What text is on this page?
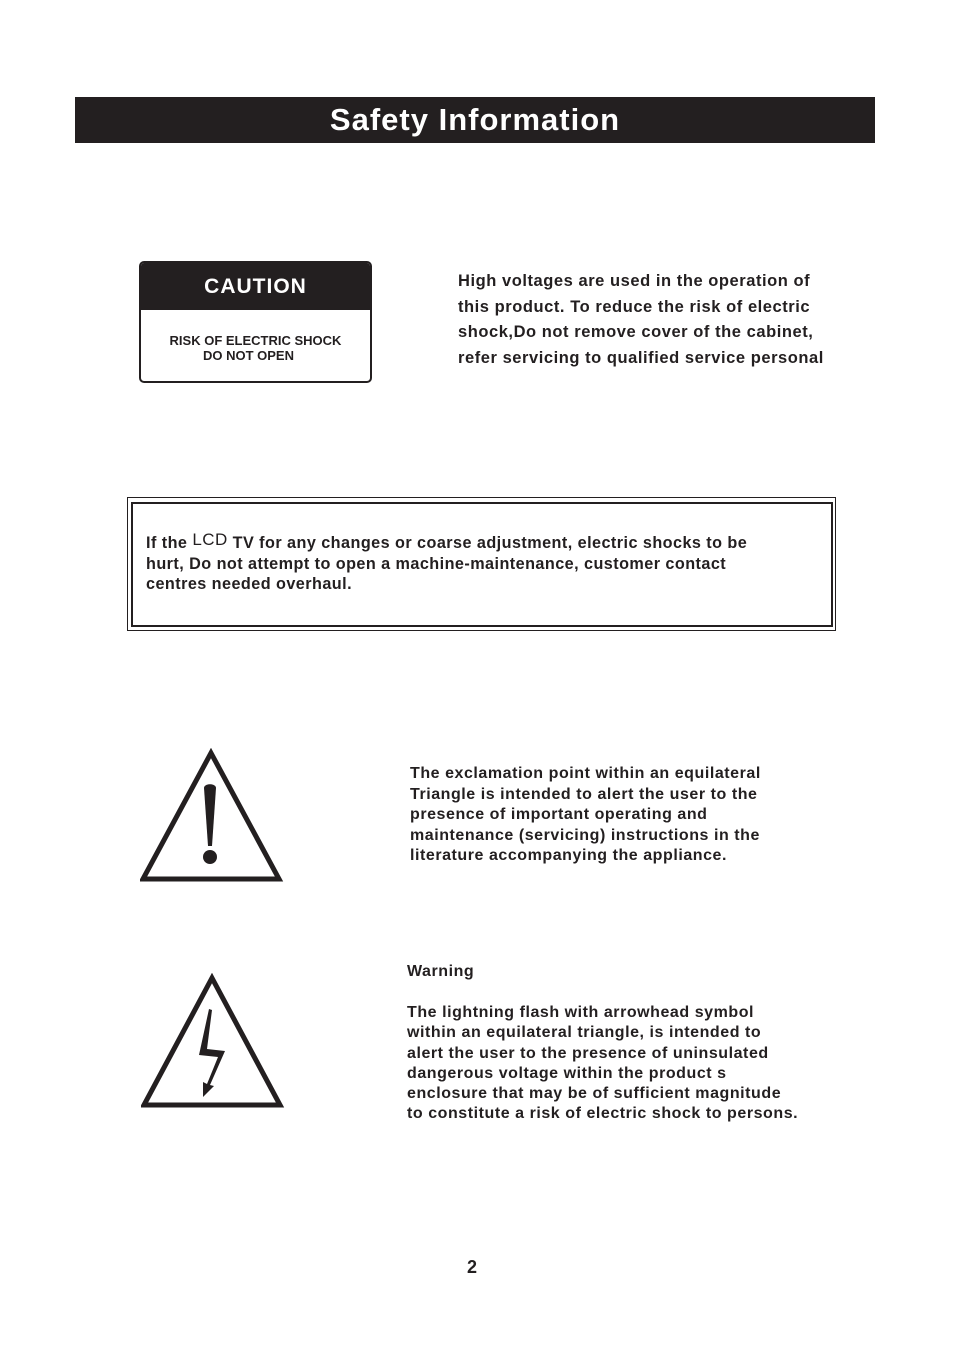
Safety Information
CAUTION
RISK OF ELECTRIC SHOCK
DO NOT OPEN

High voltages are used in the operation of
this product. To reduce the risk of electric
shock,Do not remove cover of the cabinet,
refer servicing to qualified service personal

If the LCD TV for any changes or coarse adjustment, electric shocks to be
hurt, Do not attempt to open a machine-maintenance, customer contact
centres needed overhaul.

The exclamation point within an equilateral
Triangle is intended to alert the user to the
presence of important operating and
maintenance (servicing) instructions in the
literature accompanying the appliance.

Warning

The lightning flash with arrowhead symbol
within an equilateral triangle, is intended to
alert the user to the presence of uninsulated
dangerous voltage within the product s
enclosure that may be of sufficient magnitude
to constitute a risk of electric shock to persons.

2
